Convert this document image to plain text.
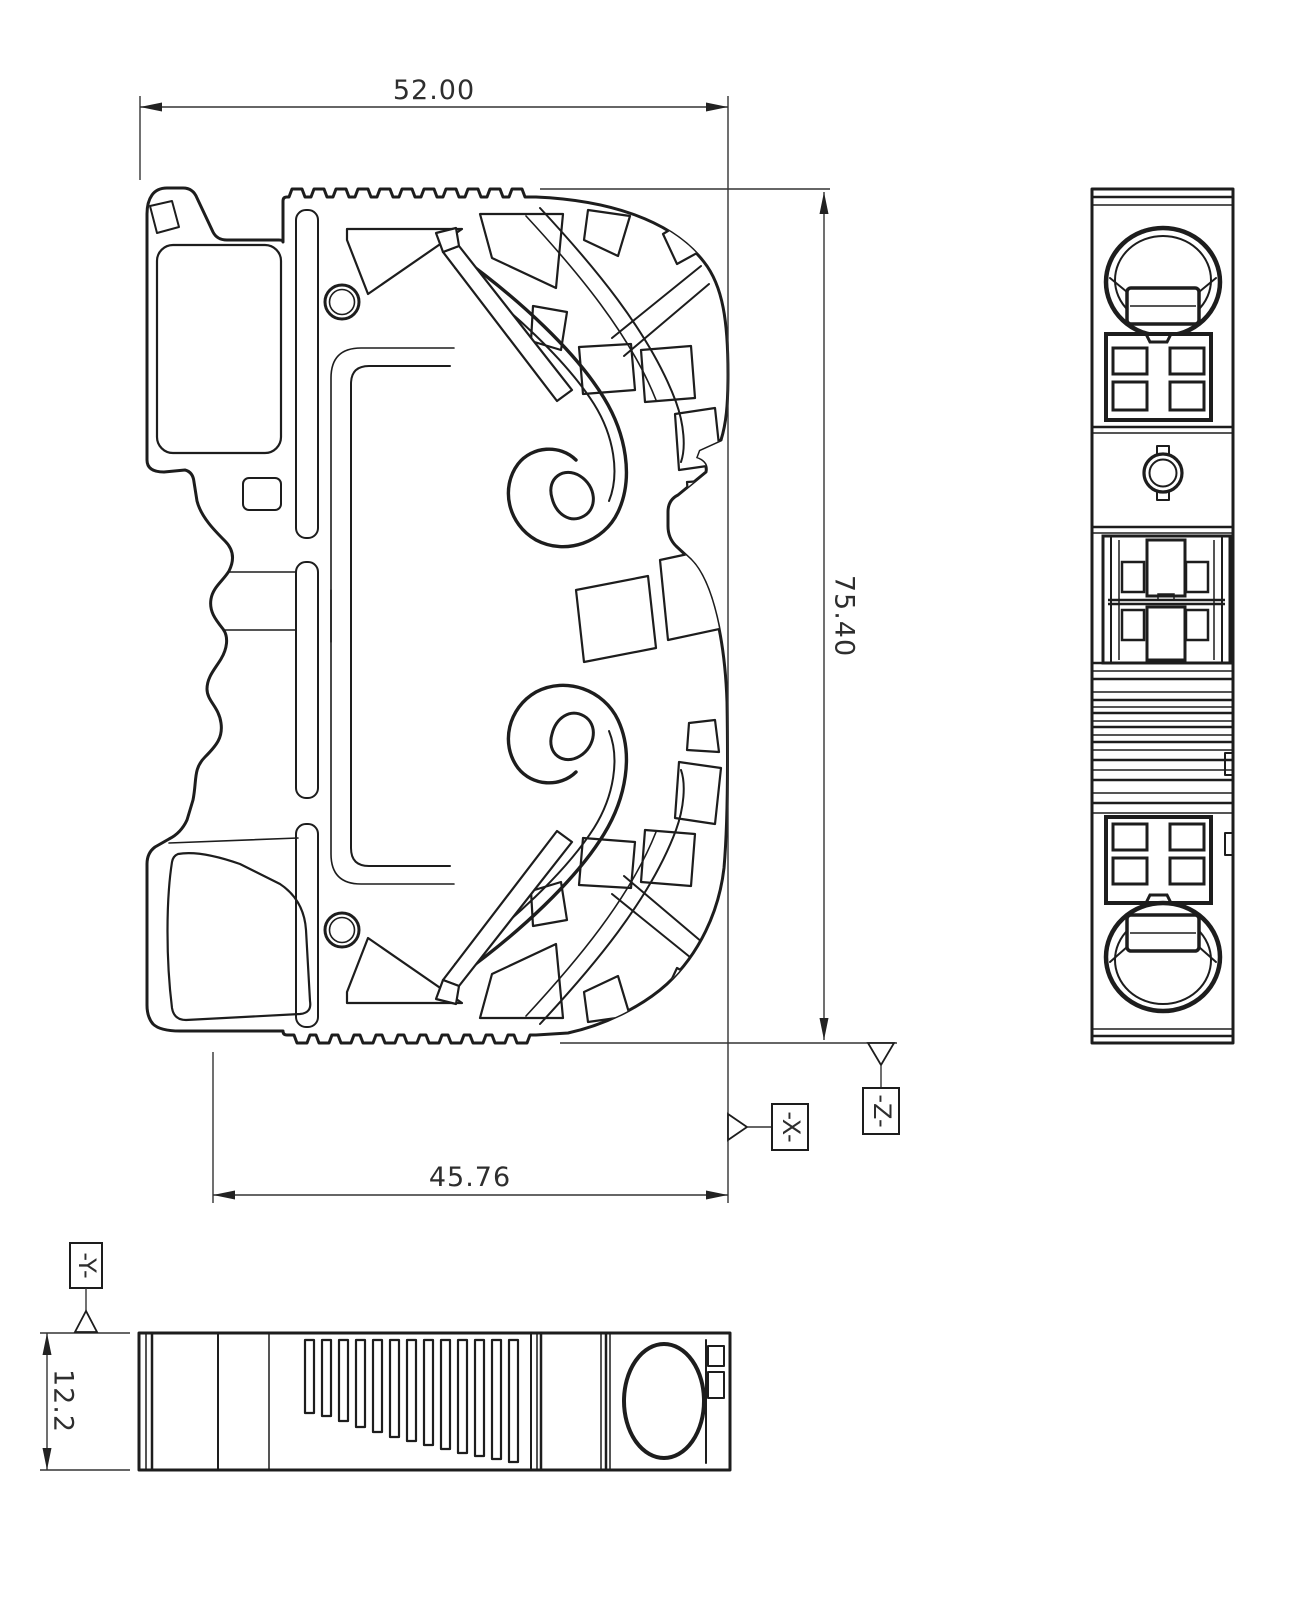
52.00
75.40
45.76
12.2
-X-	-Z-
-Y-
